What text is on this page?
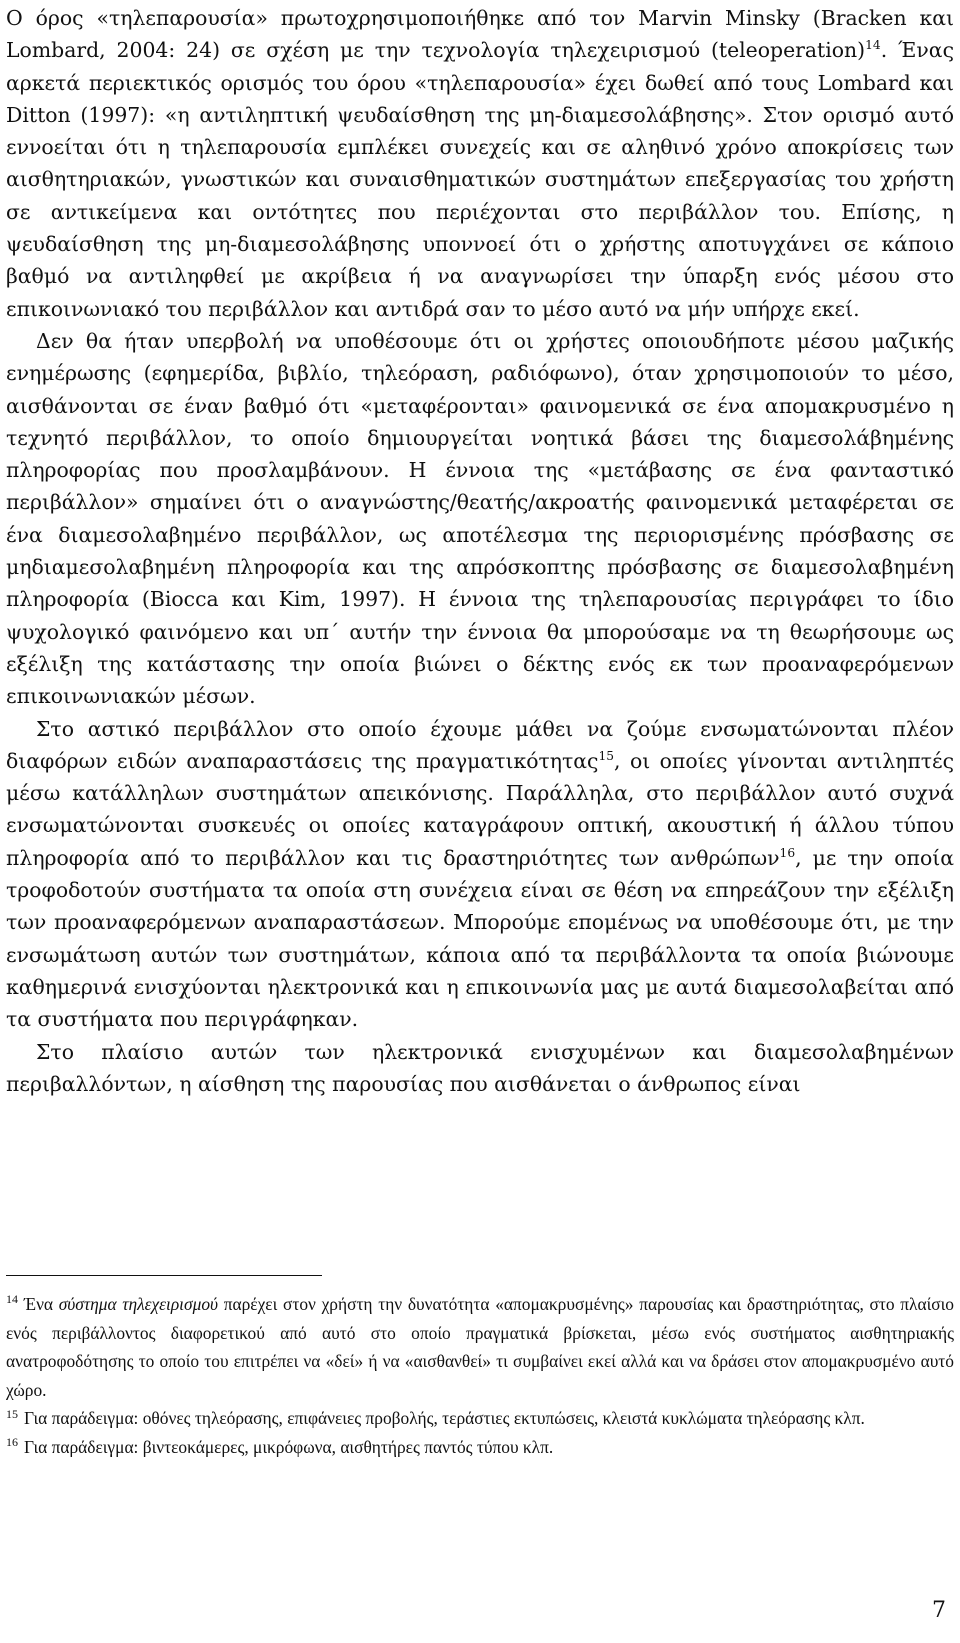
Ο όρος «τηλεπαρουσία» πρωτοχρησιμοποιήθηκε από τον Marvin Minsky (Bracken και Lombard, 2004: 24) σε σχέση με την τεχνολογία τηλεχειρισμού (teleoperation)$^{14}$. Ένας αρκετά περιεκτικός ορισμός του όρου «τηλεπαρουσία» έχει δωθεί από τους Lombard και Ditton (1997): «η αντιληπτική ψευδαίσθηση της μη-διαμεσολάβησης». Στον ορισμό αυτό εννοείται ότι η τηλεπαρουσία εμπλέκει συνεχείς και σε αληθινό χρόνο αποκρίσεις των αισθητηριακών, γνωστικών και συναισθηματικών συστημάτων επεξεργασίας του χρήστη σε αντικείμενα και οντότητες που περιέχονται στο περιβάλλον του. Επίσης, η ψευδαίσθηση της μη-διαμεσολάβησης υποννοεί ότι ο χρήστης αποτυγχάνει σε κάποιο βαθμό να αντιληφθεί με ακρίβεια ή να αναγνωρίσει την ύπαρξη ενός μέσου στο επικοινωνιακό του περιβάλλον και αντιδρά σαν το μέσο αυτό να μήν υπήρχε εκεί.

Δεν θα ήταν υπερβολή να υποθέσουμε ότι οι χρήστες οποιουδήποτε μέσου μαζικής ενημέρωσης (εφημερίδα, βιβλίο, τηλεόραση, ραδιόφωνο), όταν χρησιμοποιούν το μέσο, αισθάνονται σε έναν βαθμό ότι «μεταφέρονται» φαινομενικά σε ένα απομακρυσμένο η τεχνητό περιβάλλον, το οποίο δημιουργείται νοητικά βάσει της διαμεσολάβημένης πληροφορίας που προσλαμβάνουν. Η έννοια της «μετάβασης σε ένα φανταστικό περιβάλλον» σημαίνει ότι ο αναγνώστης/θεατής/ακροατής φαινομενικά μεταφέρεται σε ένα διαμεσολαβημένο περιβάλλον, ως αποτέλεσμα της περιορισμένης πρόσβασης σε μηδιαμεσολαβημένη πληροφορία και της απρόσκοπτης πρόσβασης σε διαμεσολαβημένη πληροφορία (Biocca και Kim, 1997). Η έννοια της τηλεπαρουσίας περιγράφει το ίδιο ψυχολογικό φαινόμενο και υπ΄ αυτήν την έννοια θα μπορούσαμε να τη θεωρήσουμε ως εξέλιξη της κατάστασης την οποία βιώνει ο δέκτης ενός εκ των προαναφερόμενων επικοινωνιακών μέσων.

Στο αστικό περιβάλλον στο οποίο έχουμε μάθει να ζούμε ενσωματώνονται πλέον διαφόρων ειδών αναπαραστάσεις της πραγματικότητας$^{15}$, οι οποίες γίνονται αντιληπτές μέσω κατάλληλων συστημάτων απεικόνισης. Παράλληλα, στο περιβάλλον αυτό συχνά ενσωματώνονται συσκευές οι οποίες καταγράφουν οπτική, ακουστική ή άλλου τύπου πληροφορία από το περιβάλλον και τις δραστηριότητες των ανθρώπων$^{16}$, με την οποία τροφοδοτούν συστήματα τα οποία στη συνέχεια είναι σε θέση να επηρεάζουν την εξέλιξη των προαναφερόμενων αναπαραστάσεων. Μπορούμε επομένως να υποθέσουμε ότι, με την ενσωμάτωση αυτών των συστημάτων, κάποια από τα περιβάλλοντα τα οποία βιώνουμε καθημερινά ενισχύονται ηλεκτρονικά και η επικοινωνία μας με αυτά διαμεσολαβείται από τα συστήματα που περιγράφηκαν.

Στο πλαίσιο αυτών των ηλεκτρονικά ενισχυμένων και διαμεσολαβημένων περιβαλλόντων, η αίσθηση της παρουσίας που αισθάνεται ο άνθρωπος είναι

$^{14}$ Ένα σύστημα τηλεχειρισμού παρέχει στον χρήστη την δυνατότητα «απομακρυσμένης» παρουσίας και δραστηριότητας, στο πλαίσιο ενός περιβάλλοντος διαφορετικού από αυτό στο οποίο πραγματικά βρίσκεται, μέσω ενός συστήματος αισθητηριακής ανατροφοδότησης το οποίο του επιτρέπει να «δεί» ή να «αισθανθεί» τι συμβαίνει εκεί αλλά και να δράσει στον απομακρυσμένο αυτό χώρο.

$^{15}$ Για παράδειγμα: οθόνες τηλεόρασης, επιφάνειες προβολής, τεράστιες εκτυπώσεις, κλειστά κυκλώματα τηλεόρασης κλπ.

$^{16}$ Για παράδειγμα: βιντεοκάμερες, μικρόφωνα, αισθητήρες παντός τύπου κλπ.

7
